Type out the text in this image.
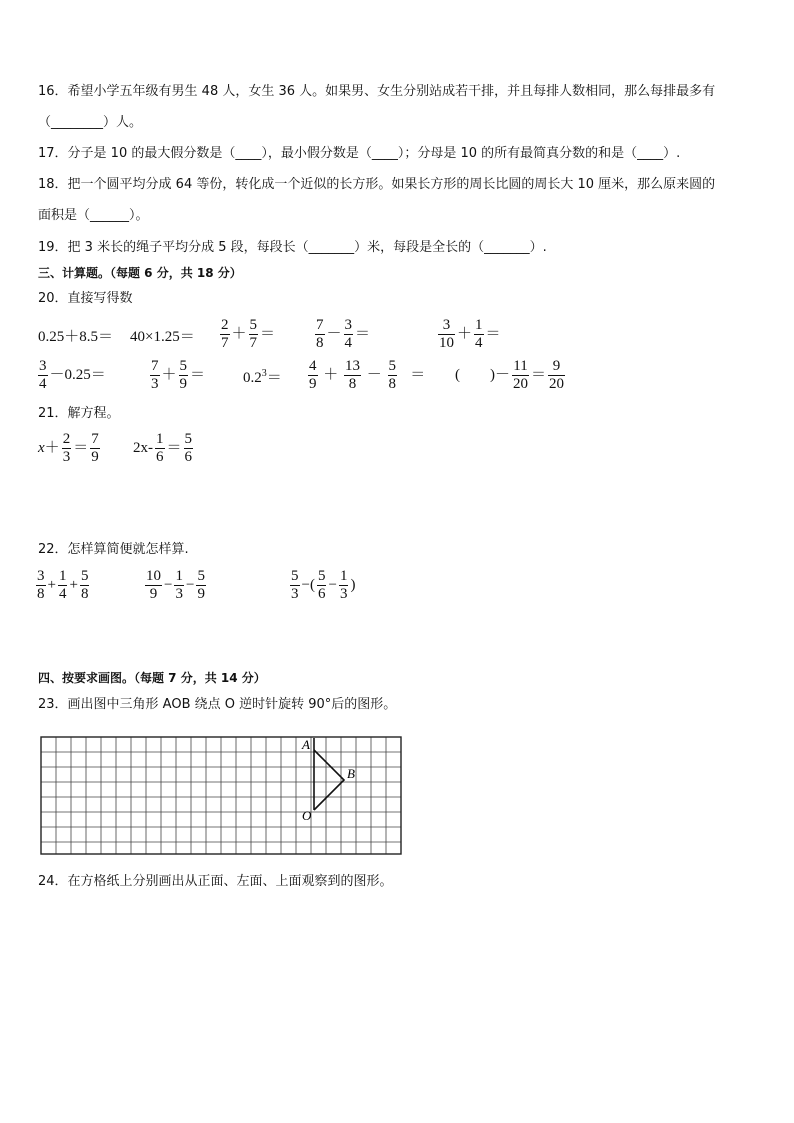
16．希望小学五年级有男生 48 人，女生 36 人。如果男、女生分别站成若干排，并且每排人数相同，那么每排最多有
（________）人。
17．分子是 10 的最大假分数是（____），最小假分数是（____）；分母是 10 的所有最简真分数的和是（____）.
18．把一个圆平均分成 64 等份，转化成一个近似的长方形。如果长方形的周长比圆的周长大 10 厘米，那么原来圆的
面积是（______）。
19．把 3 米长的绳子平均分成 5 段，每段长（_______）米，每段是全长的（_______）.
三、计算题。（每题 6 分，共 18 分）
20．直接写得数
$0.25+8.5= 40\times 1.25= \frac{2}{7} + \frac{5}{7}$ ＝	$\frac{7}{8} - \frac{3}{4}$ ＝	$\frac{3}{10} + \frac{1}{4}$ ＝
$\frac{3}{4} -0.25=$	$\frac{7}{3} + \frac{5}{9}$ ＝	$0.2^3= \frac{4}{9} + \frac{13}{8} - \frac{5}{8}$ ＝ (　　)－ $\frac{11}{20} = \frac{9}{20}$
21．解方程。
$x+ \frac{2}{3} = \frac{7}{9} 2x- \frac{1}{6} = \frac{5}{6}$
22．怎样算简便就怎样算.
$\frac{3}{8} + \frac{1}{4} + \frac{5}{8}$	$\frac{10}{9} - \frac{1}{3} - \frac{5}{9}$	$\frac{5}{3}$ −( $\frac{5}{6} - \frac{1}{3}$ )
四、按要求画图。（每题 7 分，共 14 分）
23．画出图中三角形 AOB 绕点 O 逆时针旋转 90°后的图形。
A
B
O
24．在方格纸上分别画出从正面、左面、上面观察到的图形。
